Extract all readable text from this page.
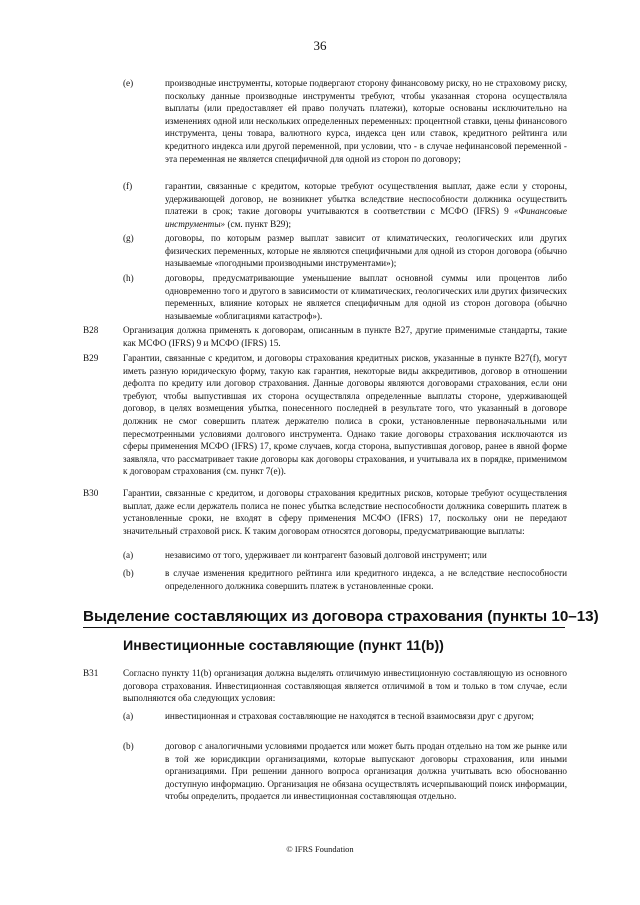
36
(e)	производные инструменты, которые подвергают сторону финансовому риску, но не страховому риску, поскольку данные производные инструменты требуют, чтобы указанная сторона осуществляла выплаты (или предоставляет ей право получать платежи), которые основаны исключительно на изменениях одной или нескольких определенных переменных: процентной ставки, цены финансового инструмента, цены товара, валютного курса, индекса цен или ставок, кредитного рейтинга или кредитного индекса или другой переменной, при условии, что - в случае нефинансовой переменной - эта переменная не является специфичной для одной из сторон по договору;
(f)	гарантии, связанные с кредитом, которые требуют осуществления выплат, даже если у стороны, удерживающей договор, не возникнет убытка вследствие неспособности должника осуществить платежи в срок; такие договоры учитываются в соответствии с МСФО (IFRS) 9 «Финансовые инструменты» (см. пункт B29);
(g)	договоры, по которым размер выплат зависит от климатических, геологических или других физических переменных, которые не являются специфичными для одной из сторон договора (обычно называемые «погодными производными инструментами»);
(h)	договоры, предусматривающие уменьшение выплат основной суммы или процентов либо одновременно того и другого в зависимости от климатических, геологических или других физических переменных, влияние которых не является специфичным для одной из сторон договора (обычно называемые «облигациями катастроф»).
B28	Организация должна применять к договорам, описанным в пункте B27, другие применимые стандарты, такие как МСФО (IFRS) 9 и МСФО (IFRS) 15.
B29	Гарантии, связанные с кредитом, и договоры страхования кредитных рисков, указанные в пункте B27(f), могут иметь разную юридическую форму, такую как гарантия, некоторые виды аккредитивов, договор в отношении дефолта по кредиту или договор страхования. Данные договоры являются договорами страхования, если они требуют, чтобы выпустившая их сторона осуществляла определенные выплаты стороне, удерживающей договор, в целях возмещения убытка, понесенного последней в результате того, что указанный в договоре должник не смог совершить платеж держателю полиса в сроки, установленные первоначальными или пересмотренными условиями долгового инструмента. Однако такие договоры страхования исключаются из сферы применения МСФО (IFRS) 17, кроме случаев, когда сторона, выпустившая договор, ранее в явной форме заявляла, что рассматривает такие договоры как договоры страхования, и учитывала их в порядке, применимом к договорам страхования (см. пункт 7(e)).
B30	Гарантии, связанные с кредитом, и договоры страхования кредитных рисков, которые требуют осуществления выплат, даже если держатель полиса не понес убытка вследствие неспособности должника совершить платеж в установленные сроки, не входят в сферу применения МСФО (IFRS) 17, поскольку они не передают значительный страховой риск. К таким договорам относятся договоры, предусматривающие выплаты:
(a)	независимо от того, удерживает ли контрагент базовый долговой инструмент; или
(b)	в случае изменения кредитного рейтинга или кредитного индекса, а не вследствие неспособности определенного должника совершить платеж в установленные сроки.
Выделение составляющих из договора страхования (пункты 10–13)
Инвестиционные составляющие (пункт 11(b))
B31	Согласно пункту 11(b) организация должна выделять отличимую инвестиционную составляющую из основного договора страхования. Инвестиционная составляющая является отличимой в том и только в том случае, если выполняются оба следующих условия:
(a)	инвестиционная и страховая составляющие не находятся в тесной взаимосвязи друг с другом;
(b)	договор с аналогичными условиями продается или может быть продан отдельно на том же рынке или в той же юрисдикции организациями, которые выпускают договоры страхования, или иными организациями. При решении данного вопроса организация должна учитывать всю обоснованно доступную информацию. Организация не обязана осуществлять исчерпывающий поиск информации, чтобы определить, продается ли инвестиционная составляющая отдельно.
© IFRS Foundation
